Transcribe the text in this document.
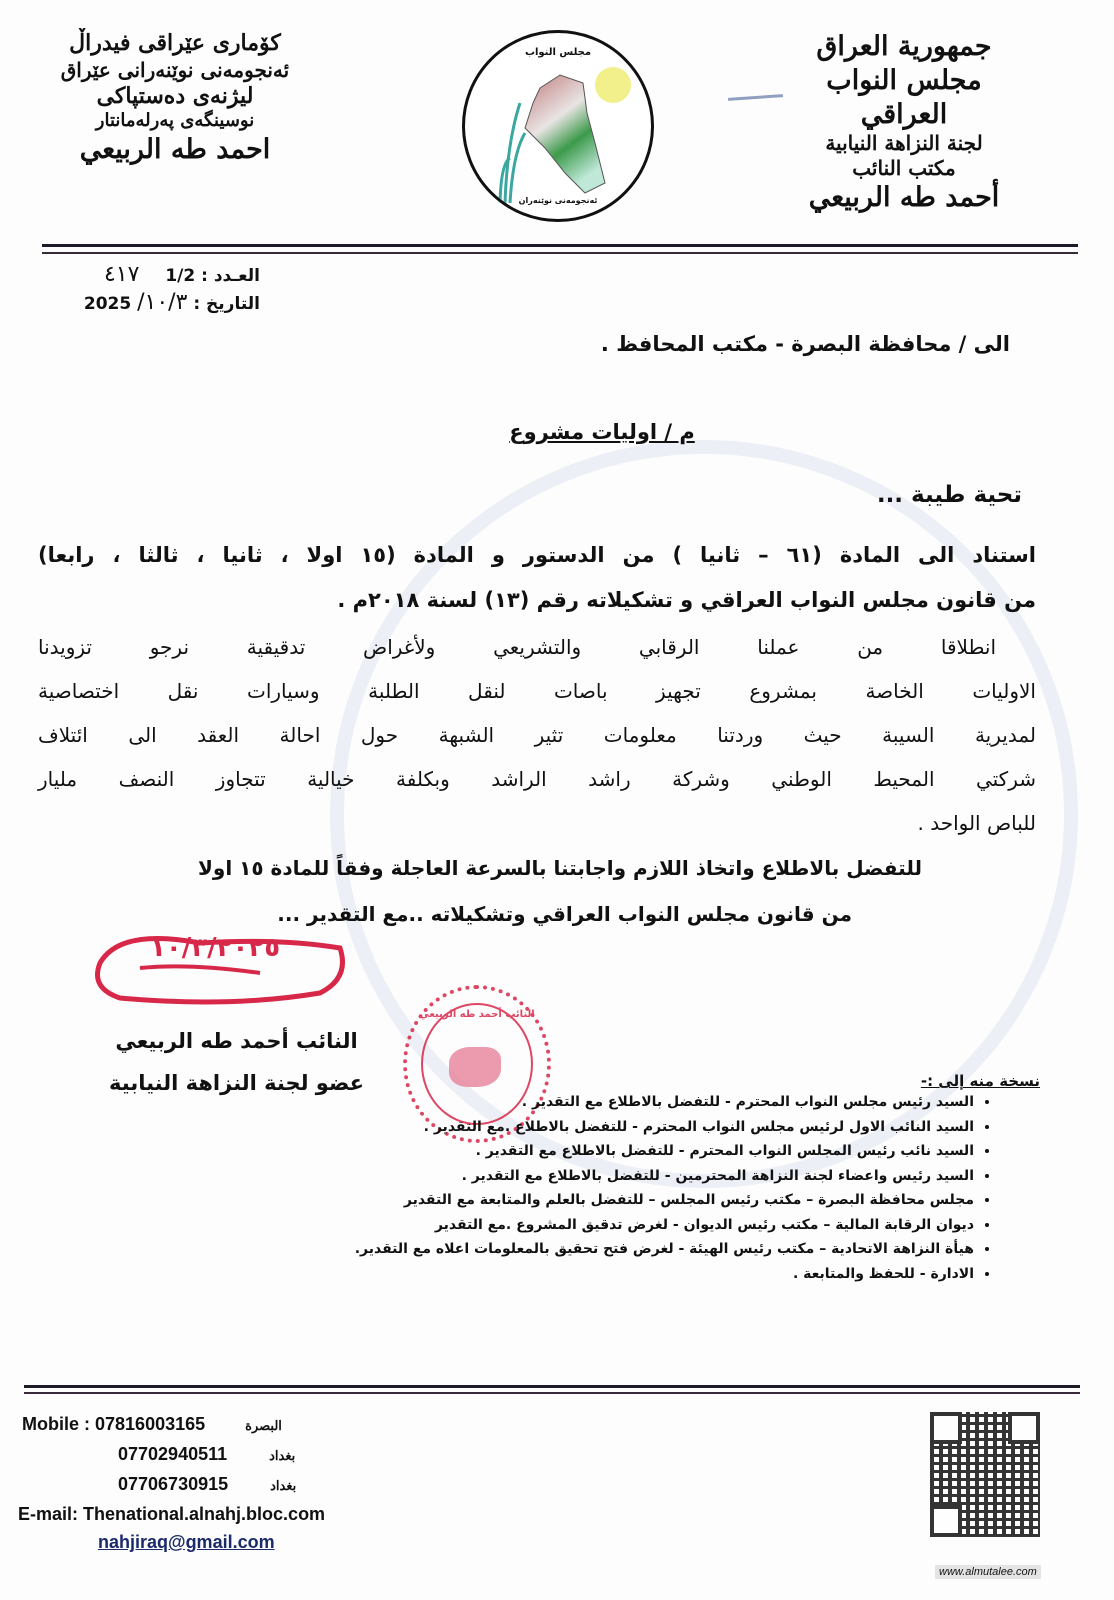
جمهورية العراق
مجلس النواب العراقي
لجنة النزاهة النيابية
مكتب النائب
أحمد طه الربيعي
مجلس النواب
ئەنجومەنی نوێنەران
كۆماری عێراقی فیدراڵ
ئەنجومەنی نوێنەرانی عێراق
لیژنەی دەستپاکی
نوسینگەی پەرلەمانتار
احمد طه الربيعي
العـدد : 1/2 ٤١٧
التاريخ : ١٠/٣/ 2025
الى / محافظة البصرة - مكتب المحافظ .
م / اوليات مشروع
تحية طيبة ...
استناد الى المادة (٦١ – ثانيا ) من الدستور و المادة (١٥ اولا ، ثانيا ، ثالثا ، رابعا)
من قانون مجلس النواب العراقي و تشكيلاته رقم (١٣) لسنة ٢٠١٨م .
انطلاقا من عملنا الرقابي والتشريعي ولأغراض تدقيقية نرجو تزويدنا
الاوليات الخاصة بمشروع تجهيز باصات لنقل الطلبة وسيارات نقل اختصاصية
لمديرية السيبة حيث وردتنا معلومات تثير الشبهة حول احالة العقد الى ائتلاف
شركتي المحيط الوطني وشركة راشد الراشد وبكلفة خيالية تتجاوز النصف مليار
للباص الواحد .
للتفضل بالاطلاع واتخاذ اللازم واجابتنا بالسرعة العاجلة وفقاً للمادة ١٥ اولا
من قانون مجلس النواب العراقي وتشكيلاته ..مع التقدير ...
١٠/٣/٢٠٢٥
النائب أحمد طه الربيعي
عضو لجنة النزاهة النيابية
النائب أحمد طه الربيعي
نسخة منه إلى :-
• السيد رئيس مجلس النواب المحترم - للتفضل بالاطلاع مع التقدير .
• السيد النائب الاول لرئيس مجلس النواب المحترم - للتفضل بالاطلاع .مع التقدير .
• السيد نائب رئيس المجلس النواب المحترم - للتفضل بالاطلاع مع التقدير .
• السيد رئيس واعضاء لجنة النزاهة المحترمين - للتفضل بالاطلاع مع التقدير .
• مجلس محافظة البصرة – مكتب رئيس المجلس – للتفضل بالعلم والمتابعة مع التقدير
• ديوان الرقابة المالية – مكتب رئيس الديوان - لغرض تدقيق المشروع .مع التقدير
• هيأة النزاهة الاتحادية – مكتب رئيس الهيئة - لغرض فتح تحقيق بالمعلومات اعلاه مع التقدير.
• الادارة - للحفظ والمتابعة .
Mobile : 07816003165	البصرة
07702940511	بغداد
07706730915	بغداد
E-mail: Thenational.alnahj.bloc.com
nahjiraq@gmail.com
www.almutalee.com
